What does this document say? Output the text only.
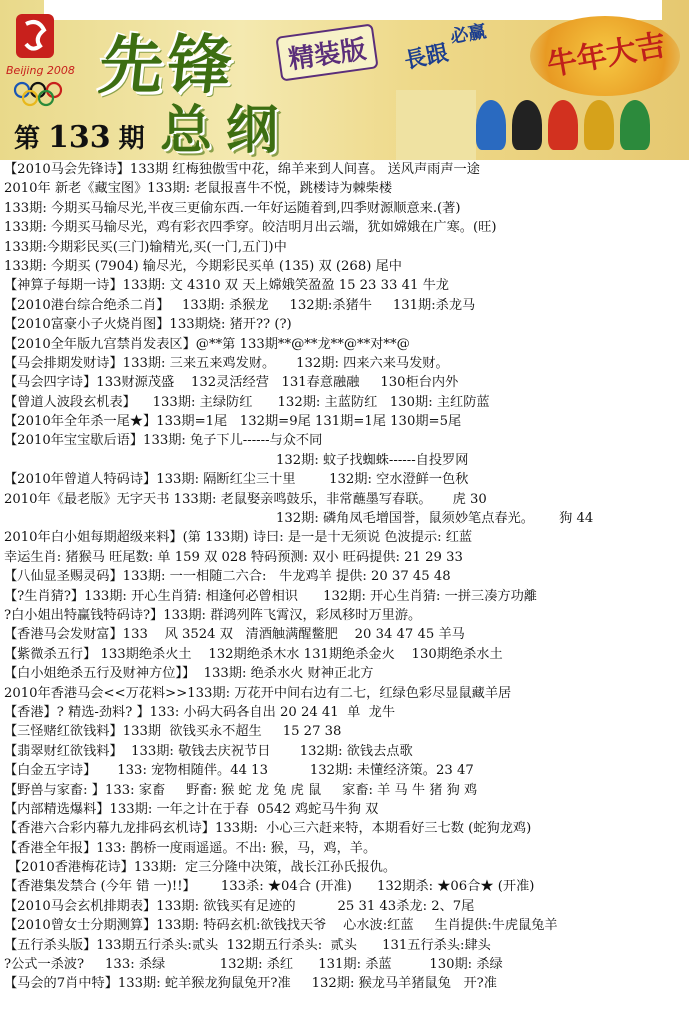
Beijing 2008 先锋	精装版
总纲
第 133 期
必赢
長跟	牛年大吉
【2010马会先锋诗】133期 红梅独傲雪中花，绵羊来到人间喜。 送风声雨声一途
2010年 新老《藏宝图》133期: 老鼠报喜牛不悦，跳楼诗为棘柴楼
133期: 今期买马输尽光,半夜三更偷东西.一年好运随着到,四季财源顺意来.(著)
133期: 今期买马输尽光，鸡有彩衣四季穿。皎洁明月出云端，犹如嫦娥在广寒。(旺)
133期:今期彩民买(三门)输精光,买(一门,五门)中
133期: 今期买 (7904) 输尽光，今期彩民买单 (135) 双 (268) 尾中
【神算子每期一诗】133期: 文 4310 双 天上嫦娥笑盈盈 15 23 33 41 牛龙
【2010港台综合绝杀二肖】   133期: 杀猴龙     132期:杀猪牛     131期:杀龙马
【2010富豪小子火烧肖图】133期烧: 猪开?? (?)
【2010全年版九宫禁肖发表区】@**第 133期**@**龙**@**对**@
【马会排期发财诗】133期: 三来五来鸡发财。     132期: 四来六来马发财。
【马会四字诗】133财源茂盛    132灵活经营   131春意融融     130柜台内外
【曾道人波段玄机表】    133期: 主绿防红      132期: 主蓝防红   130期: 主红防蓝
【2010年全年杀一尾★】133期=1尾   132期=9尾 131期=1尾 130期=5尾
【2010年宝宝歇后语】133期: 兔子下儿------与众不同
132期: 蚊子找蜘蛛------自投罗网
【2010年曾道人特码诗】133期: 隔断红尘三十里        132期: 空水澄鲜一色秋
2010年《最老版》无字天书 133期: 老鼠娶亲鸣鼓乐，非常蘸墨写春联。     虎 30
132期: 磷角凤毛增国誉，鼠须妙笔点春光。      狗 44
2010年白小姐每期超级来料】(第 133期) 诗曰: 是一是十无须说 色波提示: 红蓝
幸运生肖: 猪猴马 旺尾数: 单 159 双 028 特码预测: 双小 旺码提供: 21 29 33
【八仙显圣赐灵码】133期: 一一相随二六合:   牛龙鸡羊 提供: 20 37 45 48
【?生肖猜?】133期: 开心生肖猜: 相逢何必曾相识      132期: 开心生肖猜: 一拼三凑方功離
?白小姐出特赢钱特码诗?】133期: 群鸿列阵飞霄汉，彩凤移时万里游。
【香港马会发财富】133    风 3524 双   清酒触满醒鳖肥    20 34 47 45 羊马
【紫微杀五行】 133期绝杀火土    132期绝杀木水 131期绝杀金火    130期绝杀水土
【白小姐绝杀五行及财神方位】】  133期: 绝杀水火 财神正北方
2010年香港马会<<万花料>>133期: 万花开中间右边有二七，红绿色彩尽显鼠藏羊居
【香港】? 精选-劲料? 】133: 小码大码各自出 20 24 41  单  龙牛
【三怪赌红欲钱料】133期  欲钱买永不超生     15 27 38
【翡翠财红欲钱料】  133期: 敬钱去庆祝节日       132期: 欲钱去点歌
【白金五字诗】     133: 宠物相随伴。44 13          132期: 未懂经济策。23 47
【野兽与家畜: 】133: 家畜     野畜: 猴 蛇 龙 兔 虎 鼠     家畜: 羊 马 牛 猪 狗 鸡
【内部精选爆料】133期: 一年之计在于春  0542 鸡蛇马牛狗 双
【香港六合彩内幕九龙排码玄机诗】133期:  小心三六赶来特，本期看好三七数 (蛇狗龙鸡)
【香港全年报】133: 鹊桥一度雨遥遥。不出: 猴，马，鸡，羊。
【2010香港梅花诗】133期:  定三分隆中决策，战长江孙氏报仇。
【香港集发禁合 (今年 错 一)!!】      133杀: ★04合 (开准)      132期杀: ★06合★ (开准)
【2010马会玄机排期表】133期: 欲钱买有足迹的          25 31 43杀龙: 2、7尾
【2010曾女士分期测算】133期: 特码玄机:欲钱找天爷    心水波:红蓝     生肖提供:牛虎鼠兔羊
【五行杀头版】133期五行杀头:贰头  132期五行杀头:  贰头      131五行杀头:肆头
?公式一杀波?     133: 杀绿             132期: 杀红      131期: 杀蓝         130期: 杀绿
【马会的7肖中特】133期: 蛇羊猴龙狗鼠兔开?准     132期: 猴龙马羊猪鼠兔   开?准
